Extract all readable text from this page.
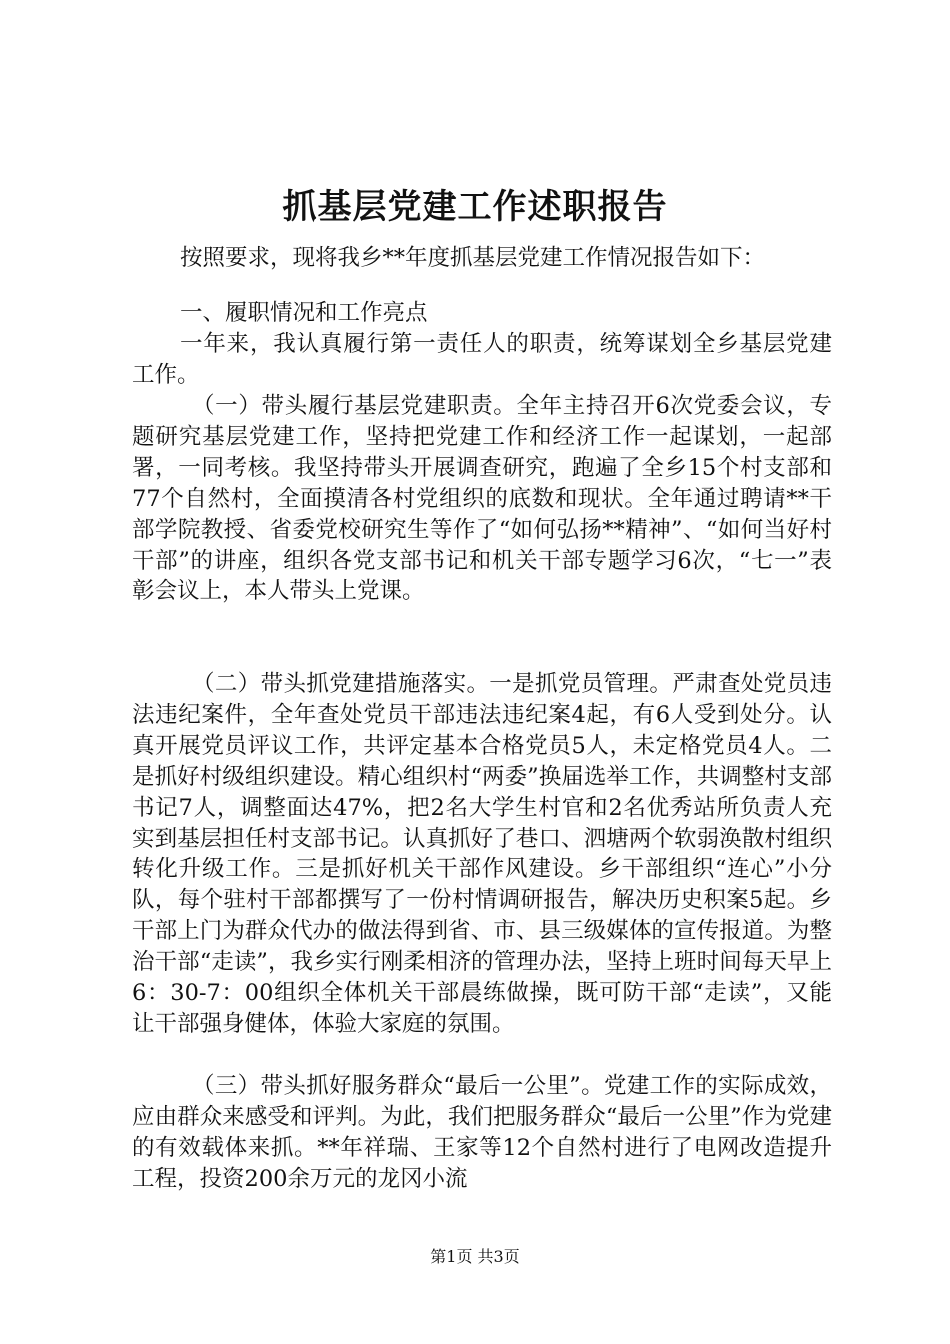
抓基层党建工作述职报告

按照要求，现将我乡**年度抓基层党建工作情况报告如下：

一、履职情况和工作亮点

一年来，我认真履行第一责任人的职责，统筹谋划全乡基层党建工作。

（一）带头履行基层党建职责。全年主持召开6次党委会议，专题研究基层党建工作，坚持把党建工作和经济工作一起谋划，一起部署，一同考核。我坚持带头开展调查研究，跑遍了全乡15个村支部和77个自然村，全面摸清各村党组织的底数和现状。全年通过聘请**干部学院教授、省委党校研究生等作了“如何弘扬**精神”、“如何当好村干部”的讲座，组织各党支部书记和机关干部专题学习6次，“七一”表彰会议上，本人带头上党课。

（二）带头抓党建措施落实。一是抓党员管理。严肃查处党员违法违纪案件，全年查处党员干部违法违纪案4起，有6人受到处分。认真开展党员评议工作，共评定基本合格党员5人，未定格党员4人。二是抓好村级组织建设。精心组织村“两委”换届选举工作，共调整村支部书记7人，调整面达47%，把2名大学生村官和2名优秀站所负责人充实到基层担任村支部书记。认真抓好了巷口、泗塘两个软弱涣散村组织转化升级工作。三是抓好机关干部作风建设。乡干部组织“连心”小分队，每个驻村干部都撰写了一份村情调研报告，解决历史积案5起。乡干部上门为群众代办的做法得到省、市、县三级媒体的宣传报道。为整治干部“走读”，我乡实行刚柔相济的管理办法，坚持上班时间每天早上6：30-7：00组织全体机关干部晨练做操，既可防干部“走读”，又能让干部强身健体，体验大家庭的氛围。

（三）带头抓好服务群众“最后一公里”。党建工作的实际成效，应由群众来感受和评判。为此，我们把服务群众“最后一公里”作为党建的有效载体来抓。**年祥瑞、王家等12个自然村进行了电网改造提升工程，投资200余万元的龙冈小流

第1页 共3页
